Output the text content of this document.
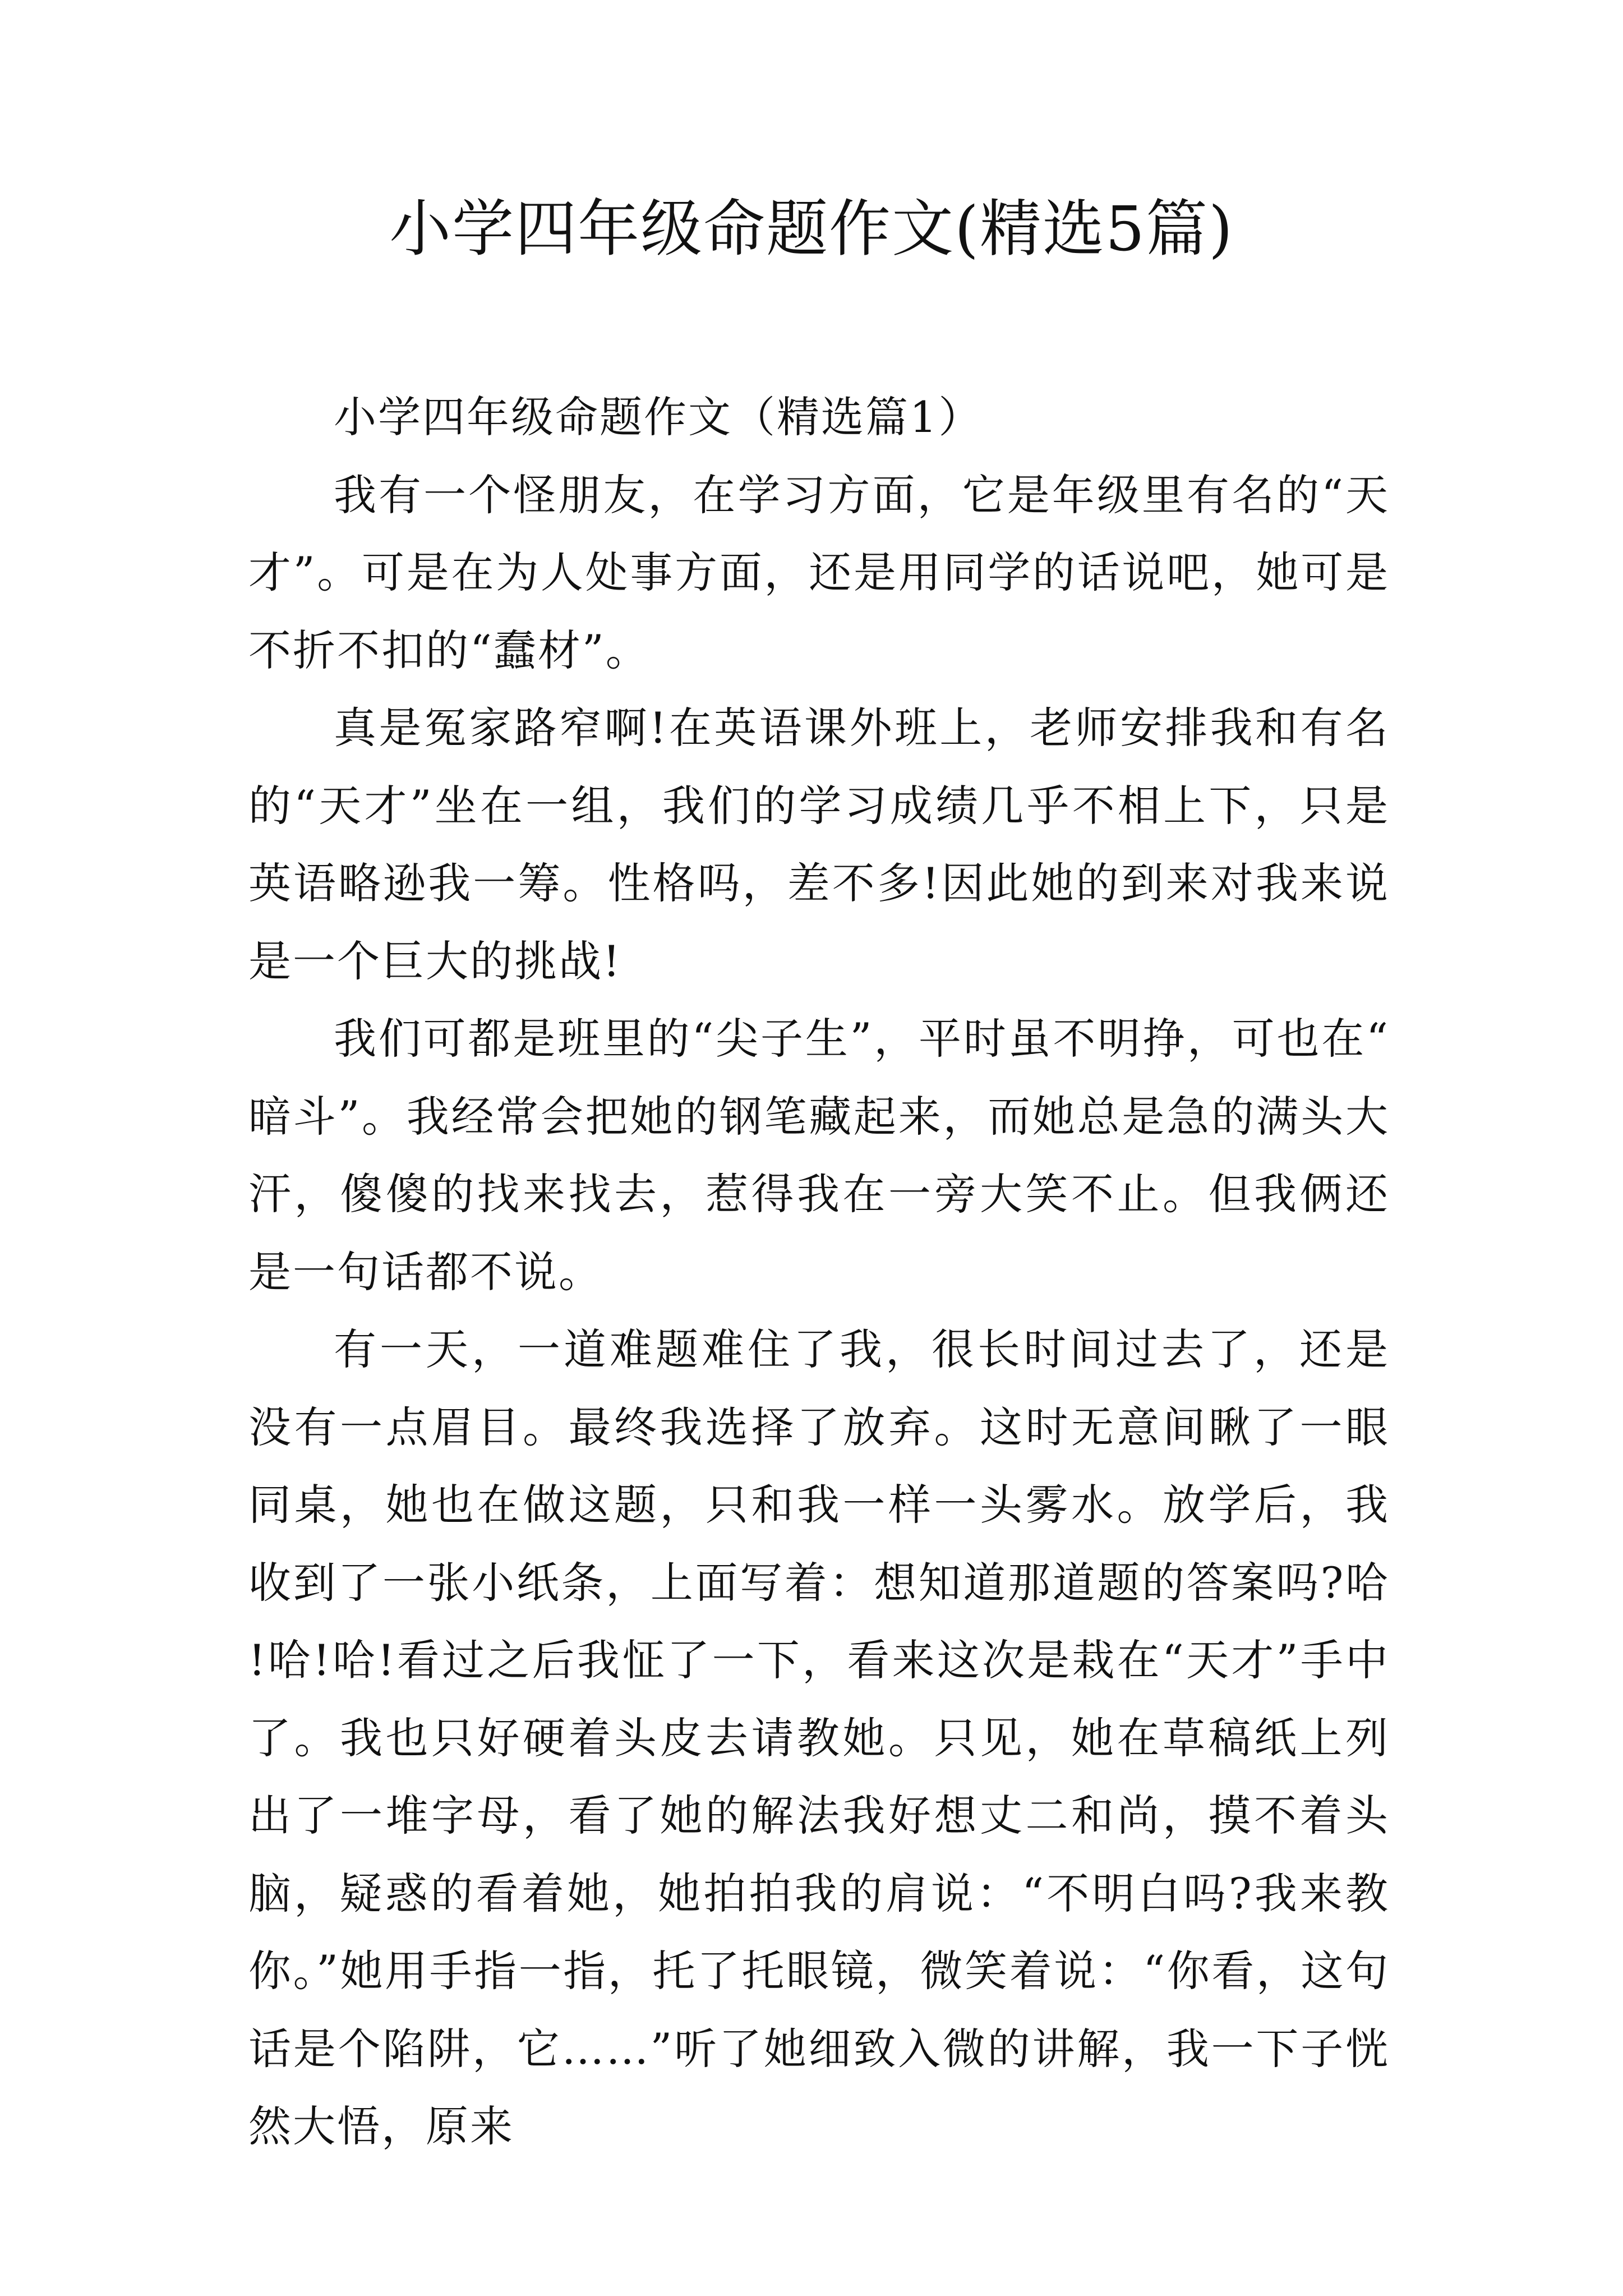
小学四年级命题作文(精选5篇)

小学四年级命题作文（精选篇1）

我有一个怪朋友，在学习方面，它是年级里有名的“天才”。可是在为人处事方面，还是用同学的话说吧，她可是不折不扣的“蠢材”。

真是冤家路窄啊!在英语课外班上，老师安排我和有名的“天才”坐在一组，我们的学习成绩几乎不相上下，只是英语略逊我一筹。性格吗，差不多!因此她的到来对我来说是一个巨大的挑战!

我们可都是班里的“尖子生”，平时虽不明挣，可也在“暗斗”。我经常会把她的钢笔藏起来，而她总是急的满头大汗，傻傻的找来找去，惹得我在一旁大笑不止。但我俩还是一句话都不说。

有一天，一道难题难住了我，很长时间过去了，还是没有一点眉目。最终我选择了放弃。这时无意间瞅了一眼同桌，她也在做这题，只和我一样一头雾水。放学后，我收到了一张小纸条，上面写着：想知道那道题的答案吗?哈!哈!哈!看过之后我怔了一下，看来这次是栽在“天才”手中了。我也只好硬着头皮去请教她。只见，她在草稿纸上列出了一堆字母，看了她的解法我好想丈二和尚，摸不着头脑，疑惑的看着她，她拍拍我的肩说：“不明白吗?我来教你。”她用手指一指，托了托眼镜，微笑着说：“你看，这句话是个陷阱，它……”听了她细致入微的讲解，我一下子恍然大悟，原来
